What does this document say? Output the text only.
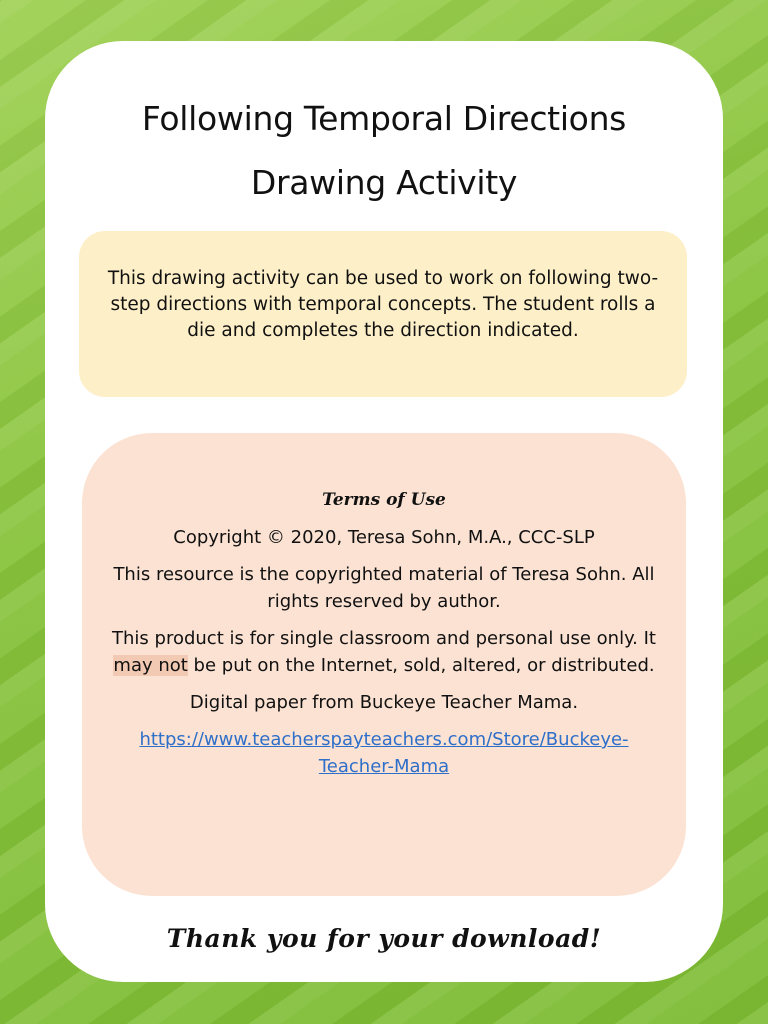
Following Temporal Directions
Drawing Activity
This drawing activity can be used to work on following two-step directions with temporal concepts. The student rolls a die and completes the direction indicated.
Terms of Use

Copyright © 2020, Teresa Sohn, M.A., CCC-SLP

This resource is the copyrighted material of Teresa Sohn. All rights reserved by author.

This product is for single classroom and personal use only. It may not be put on the Internet, sold, altered, or distributed.

Digital paper from Buckeye Teacher Mama.

https://www.teacherspayteachers.com/Store/Buckeye-
Teacher-Mama

Thank you for your download!
